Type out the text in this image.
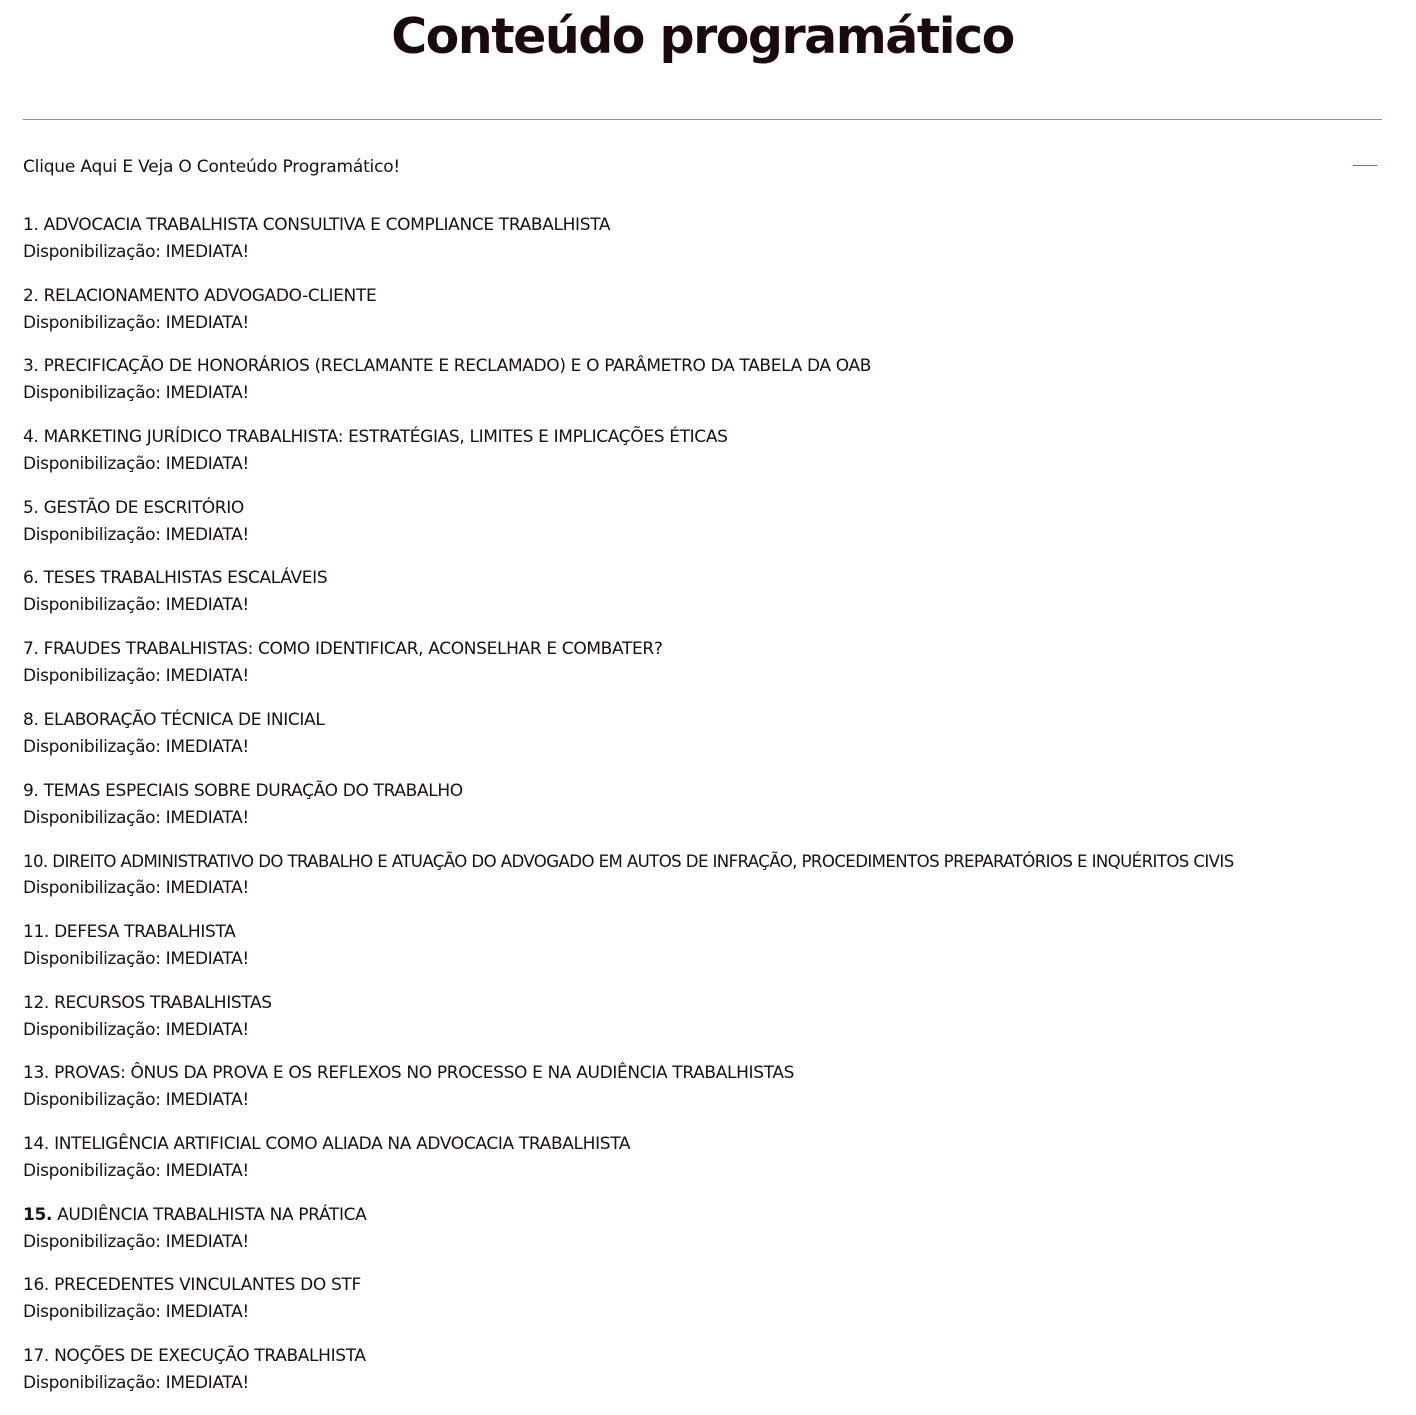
Conteúdo programático
Clique Aqui E Veja O Conteúdo Programático!
1. ADVOCACIA TRABALHISTA CONSULTIVA E COMPLIANCE TRABALHISTA
Disponibilização: IMEDIATA!
2. RELACIONAMENTO ADVOGADO-CLIENTE
Disponibilização: IMEDIATA!
3. PRECIFICAÇÃO DE HONORÁRIOS (RECLAMANTE E RECLAMADO) E O PARÂMETRO DA TABELA DA OAB
Disponibilização: IMEDIATA!
4. MARKETING JURÍDICO TRABALHISTA: ESTRATÉGIAS, LIMITES E IMPLICAÇÕES ÉTICAS
Disponibilização: IMEDIATA!
5. GESTÃO DE ESCRITÓRIO
Disponibilização: IMEDIATA!
6. TESES TRABALHISTAS ESCALÁVEIS
Disponibilização: IMEDIATA!
7. FRAUDES TRABALHISTAS: COMO IDENTIFICAR, ACONSELHAR E COMBATER?
Disponibilização: IMEDIATA!
8. ELABORAÇÃO TÉCNICA DE INICIAL
Disponibilização: IMEDIATA!
9. TEMAS ESPECIAIS SOBRE DURAÇÃO DO TRABALHO
Disponibilização: IMEDIATA!
10. DIREITO ADMINISTRATIVO DO TRABALHO E ATUAÇÃO DO ADVOGADO EM AUTOS DE INFRAÇÃO, PROCEDIMENTOS PREPARATÓRIOS E INQUÉRITOS CIVIS
Disponibilização: IMEDIATA!
11. DEFESA TRABALHISTA
Disponibilização: IMEDIATA!
12. RECURSOS TRABALHISTAS
Disponibilização: IMEDIATA!
13. PROVAS: ÔNUS DA PROVA E OS REFLEXOS NO PROCESSO E NA AUDIÊNCIA TRABALHISTAS
Disponibilização: IMEDIATA!
14. INTELIGÊNCIA ARTIFICIAL COMO ALIADA NA ADVOCACIA TRABALHISTA
Disponibilização: IMEDIATA!
15. AUDIÊNCIA TRABALHISTA NA PRÁTICA
Disponibilização: IMEDIATA!
16. PRECEDENTES VINCULANTES DO STF
Disponibilização: IMEDIATA!
17. NOÇÕES DE EXECUÇÃO TRABALHISTA
Disponibilização: IMEDIATA!
